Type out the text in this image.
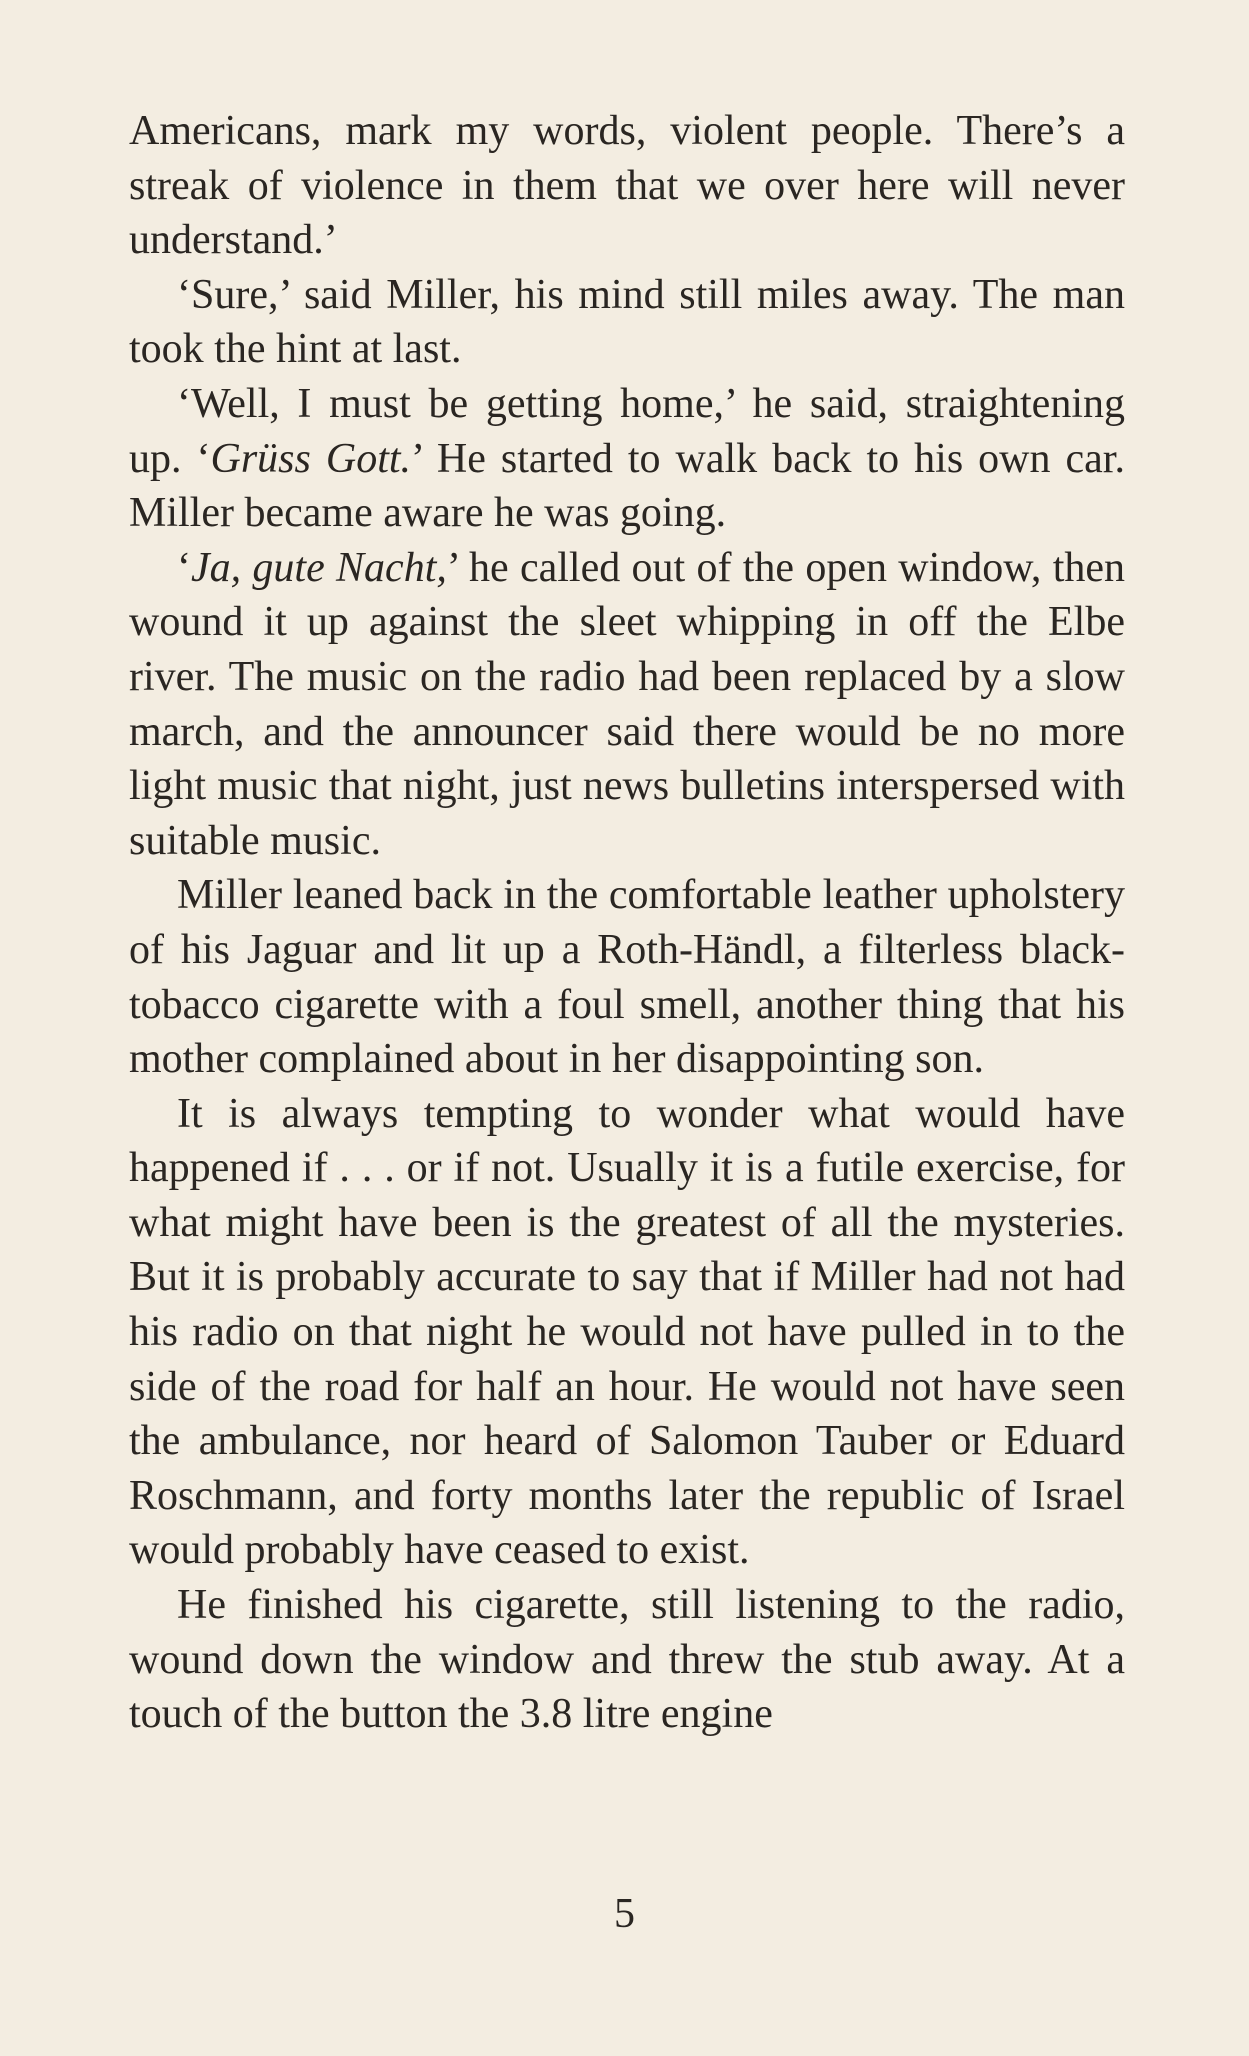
Americans, mark my words, violent people. There’s a streak of violence in them that we over here will never understand.’

‘Sure,’ said Miller, his mind still miles away. The man took the hint at last.

‘Well, I must be getting home,’ he said, straightening up. ‘Grüss Gott.’ He started to walk back to his own car. Miller became aware he was going.

‘Ja, gute Nacht,’ he called out of the open window, then wound it up against the sleet whipping in off the Elbe river. The music on the radio had been replaced by a slow march, and the announcer said there would be no more light music that night, just news bulletins interspersed with suitable music.

Miller leaned back in the comfortable leather upholstery of his Jaguar and lit up a Roth-Händl, a filterless black-tobacco cigarette with a foul smell, another thing that his mother complained about in her disappointing son.

It is always tempting to wonder what would have happened if . . . or if not. Usually it is a futile exercise, for what might have been is the greatest of all the mysteries. But it is probably accurate to say that if Miller had not had his radio on that night he would not have pulled in to the side of the road for half an hour. He would not have seen the ambulance, nor heard of Salomon Tauber or Eduard Roschmann, and forty months later the republic of Israel would probably have ceased to exist.

He finished his cigarette, still listening to the radio, wound down the window and threw the stub away. At a touch of the button the 3.8 litre engine

5
